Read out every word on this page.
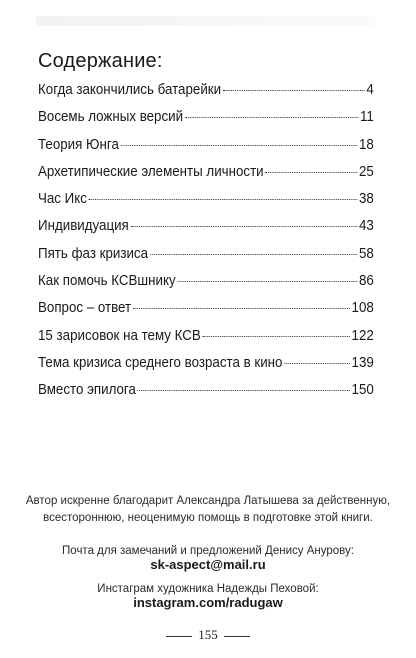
Содержание:
Когда закончились батарейки	4
Восемь ложных версий	11
Теория Юнга	18
Архетипические элементы личности	25
Час Икс	38
Индивидуация	43
Пять фаз кризиса	58
Как помочь КСВшнику	86
Вопрос – ответ	108
15 зарисовок на тему КСВ	122
Тема кризиса среднего возраста в кино	139
Вместо эпилога	150
Автор искренне благодарит Александра Латышева за действенную, всестороннюю, неоценимую помощь в подготовке этой книги.
Почта для замечаний и предложений Денису Анурову:
sk-aspect@mail.ru
Инстаграм художника Надежды Пеховой:
instagram.com/radugaw
155
